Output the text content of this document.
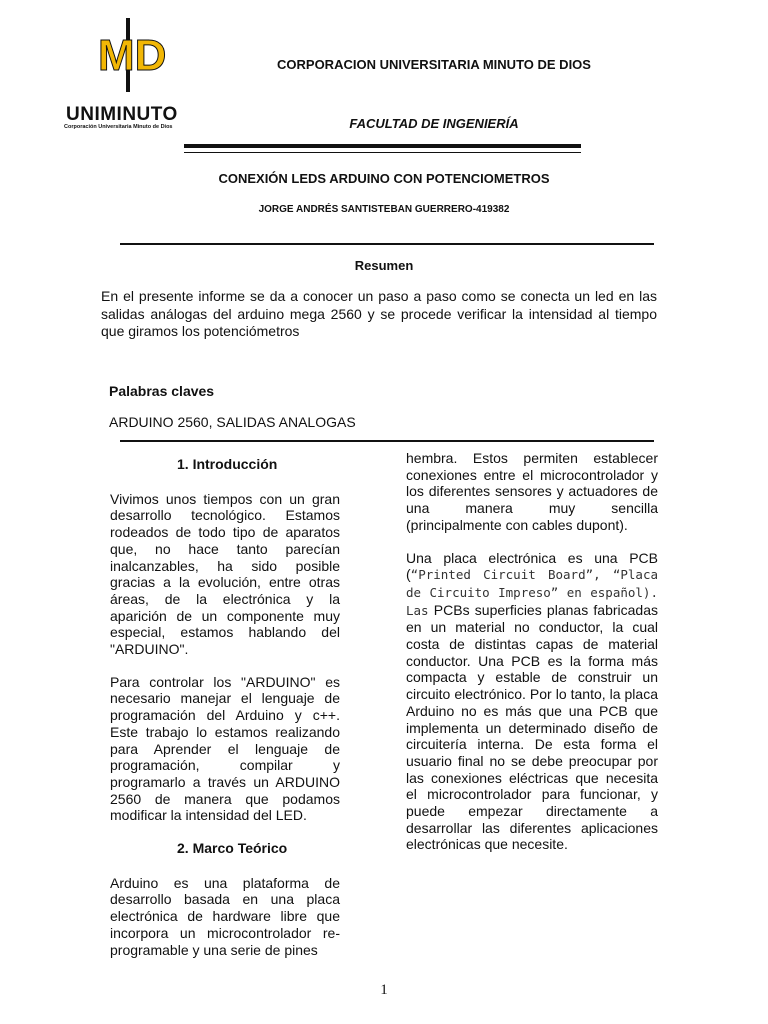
MD
UNIMINUTO
Corporación Universitaria Minuto de Dios
CORPORACION UNIVERSITARIA MINUTO DE DIOS
FACULTAD DE INGENIERÍA
CONEXIÓN LEDS ARDUINO CON POTENCIOMETROS
JORGE ANDRÉS SANTISTEBAN GUERRERO-419382
Resumen
En el presente informe se da a conocer un paso a paso como se conecta un led en las salidas análogas del arduino mega 2560 y se procede verificar la intensidad al tiempo que giramos los potenciómetros
Palabras claves
ARDUINO 2560, SALIDAS ANALOGAS
1. Introducción

Vivimos unos tiempos con un gran desarrollo tecnológico. Estamos rodeados de todo tipo de aparatos que, no hace tanto parecían inalcanzables, ha sido posible gracias a la evolución, entre otras áreas, de la electrónica y la aparición de un componente muy especial, estamos hablando del "ARDUINO".

Para controlar los "ARDUINO" es necesario manejar el lenguaje de programación del Arduino y c++. Este trabajo lo estamos realizando para Aprender el lenguaje de programación, compilar y programarlo a través un ARDUINO 2560 de manera que podamos modificar la intensidad del LED.

2. Marco Teórico

Arduino es una plataforma de desarrollo basada en una placa electrónica de hardware libre que incorpora un microcontrolador re-programable y una serie de pines

hembra. Estos permiten establecer conexiones entre el microcontrolador y los diferentes sensores y actuadores de una manera muy sencilla (principalmente con cables dupont).

Una placa electrónica es una PCB (“Printed Circuit Board”, “Placa de Circuito Impreso” en español). Las PCBs superficies planas fabricadas en un material no conductor, la cual costa de distintas capas de material conductor. Una PCB es la forma más compacta y estable de construir un circuito electrónico. Por lo tanto, la placa Arduino no es más que una PCB que implementa un determinado diseño de circuitería interna. De esta forma el usuario final no se debe preocupar por las conexiones eléctricas que necesita el microcontrolador para funcionar, y puede empezar directamente a desarrollar las diferentes aplicaciones electrónicas que necesite.

1
